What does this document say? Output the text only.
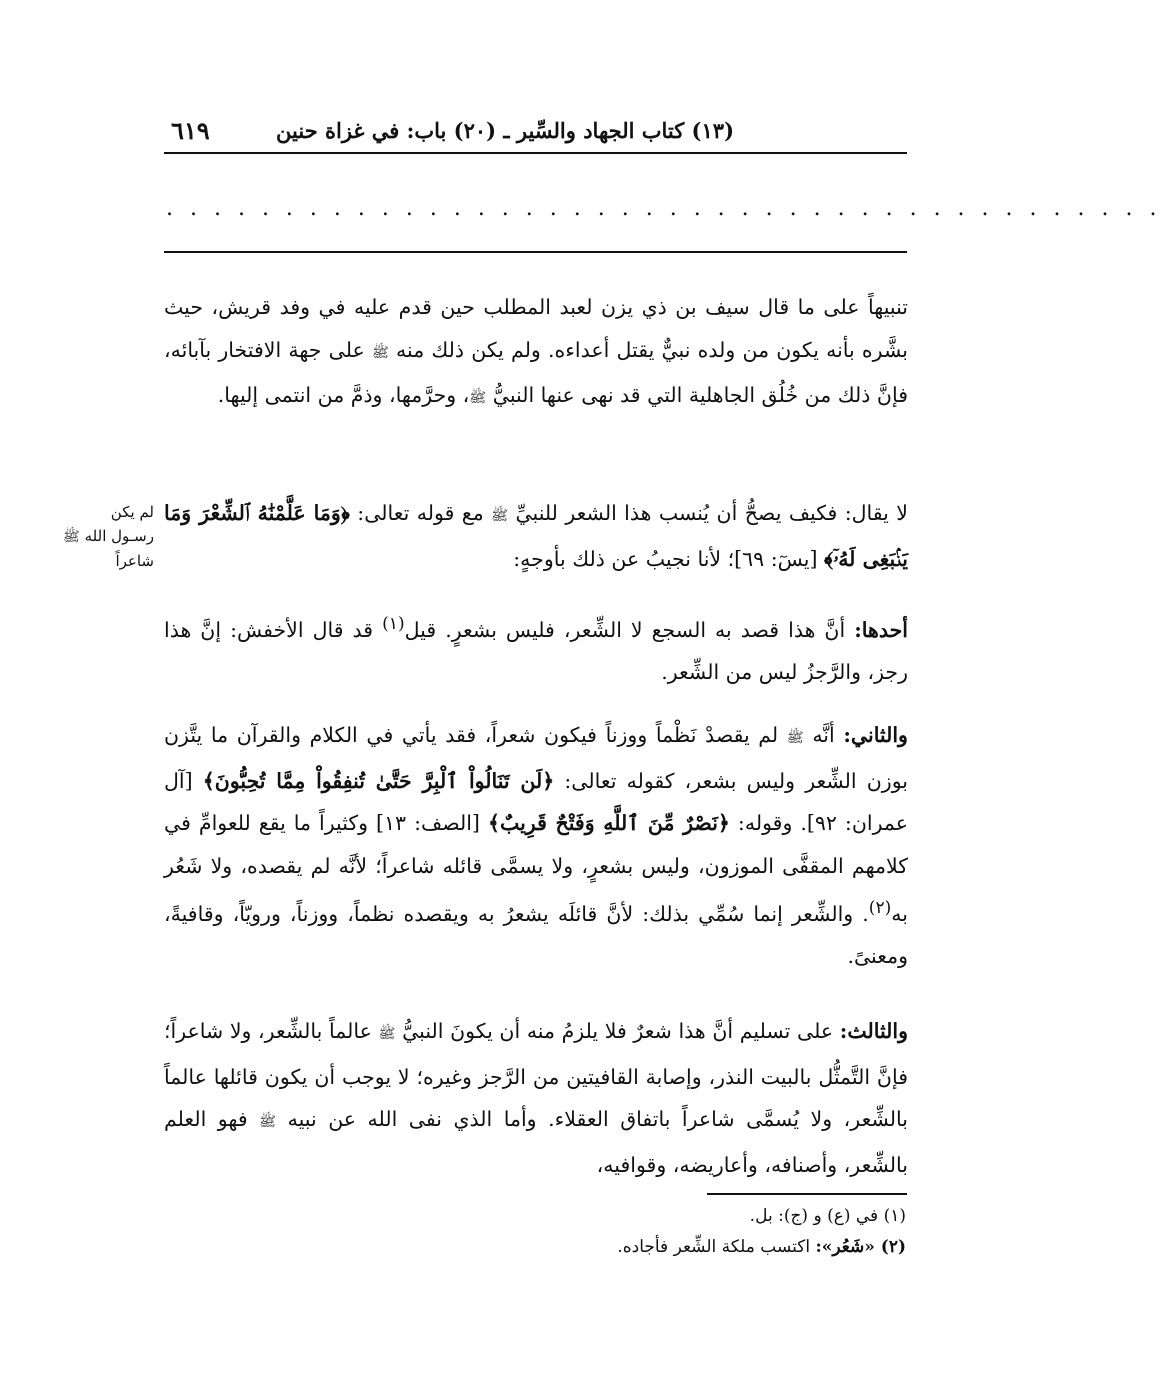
٦١٩	(١٣) كتاب الجهاد والسِّير ـ (٢٠) باب: في غزاة حنين
. . . . . . . . . . . . . . . . . . . . . . . . . . . . . . . . . . . . . . . . . .
تنبيهاً على ما قال سيف بن ذي يزن لعبد المطلب حين قدم عليه في وفد قريش، حيث بشَّره بأنه يكون من ولده نبيٌّ يقتل أعداءه. ولم يكن ذلك منه ﷺ على جهة الافتخار بآبائه، فإنَّ ذلك من خُلُق الجاهلية التي قد نهى عنها النبيُّ ﷺ، وحرَّمها، وذمَّ من انتمى إليها.
لا يقال: فكيف يصحُّ أن يُنسب هذا الشعر للنبيِّ ﷺ مع قوله تعالى: ﴿وَمَا عَلَّمْنَٰهُ ٱلشِّعْرَ وَمَا يَنۢبَغِى لَهُۥٓ﴾ [يسٓ: ٦٩]؛ لأنا نجيبُ عن ذلك بأوجهٍ:
لم يكن
رسـول الله ﷺ
شاعراً
أحدها: أنَّ هذا قصد به السجع لا الشِّعر، فليس بشعرٍ. قيل$^{(١)}$ قد قال الأخفش: إنَّ هذا رجز، والرَّجزُ ليس من الشِّعر.
والثاني: أنَّه ﷺ لم يقصدْ نَظْماً ووزناً فيكون شعراً، فقد يأتي في الكلام والقرآن ما يتَّزن بوزن الشِّعر وليس بشعر، كقوله تعالى: ﴿لَن تَنَالُواْ ٱلْبِرَّ حَتَّىٰ تُنفِقُواْ مِمَّا تُحِبُّونَ﴾ [آل عمران: ٩٢]. وقوله: ﴿نَصْرٌ مِّنَ ٱللَّهِ وَفَتْحٌ قَرِيبٌ﴾ [الصف: ١٣] وكثيراً ما يقع للعوامِّ في كلامهم المقفَّى الموزون، وليس بشعرٍ، ولا يسمَّى قائله شاعراً؛ لأنَّه لم يقصده، ولا شَعُر به$^{(٢)}$. والشِّعر إنما سُمِّي بذلك: لأنَّ قائلَه يشعرُ به ويقصده نظماً، ووزناً، ورويّاً، وقافيةً، ومعنىً.
والثالث: على تسليم أنَّ هذا شعرٌ فلا يلزمُ منه أن يكونَ النبيُّ ﷺ عالماً بالشِّعر، ولا شاعراً؛ فإنَّ التَّمثُّل بالبيت النذر، وإصابة القافيتين من الرَّجز وغيره؛ لا يوجب أن يكون قائلها عالماً بالشِّعر، ولا يُسمَّى شاعراً باتفاق العقلاء. وأما الذي نفى الله عن نبيه ﷺ فهو العلم بالشِّعر، وأصنافه، وأعاريضه، وقوافيه،
(١) في (ع) و (ج): بل.
(٢) «شَعُر»: اكتسب ملكة الشِّعر فأجاده.
